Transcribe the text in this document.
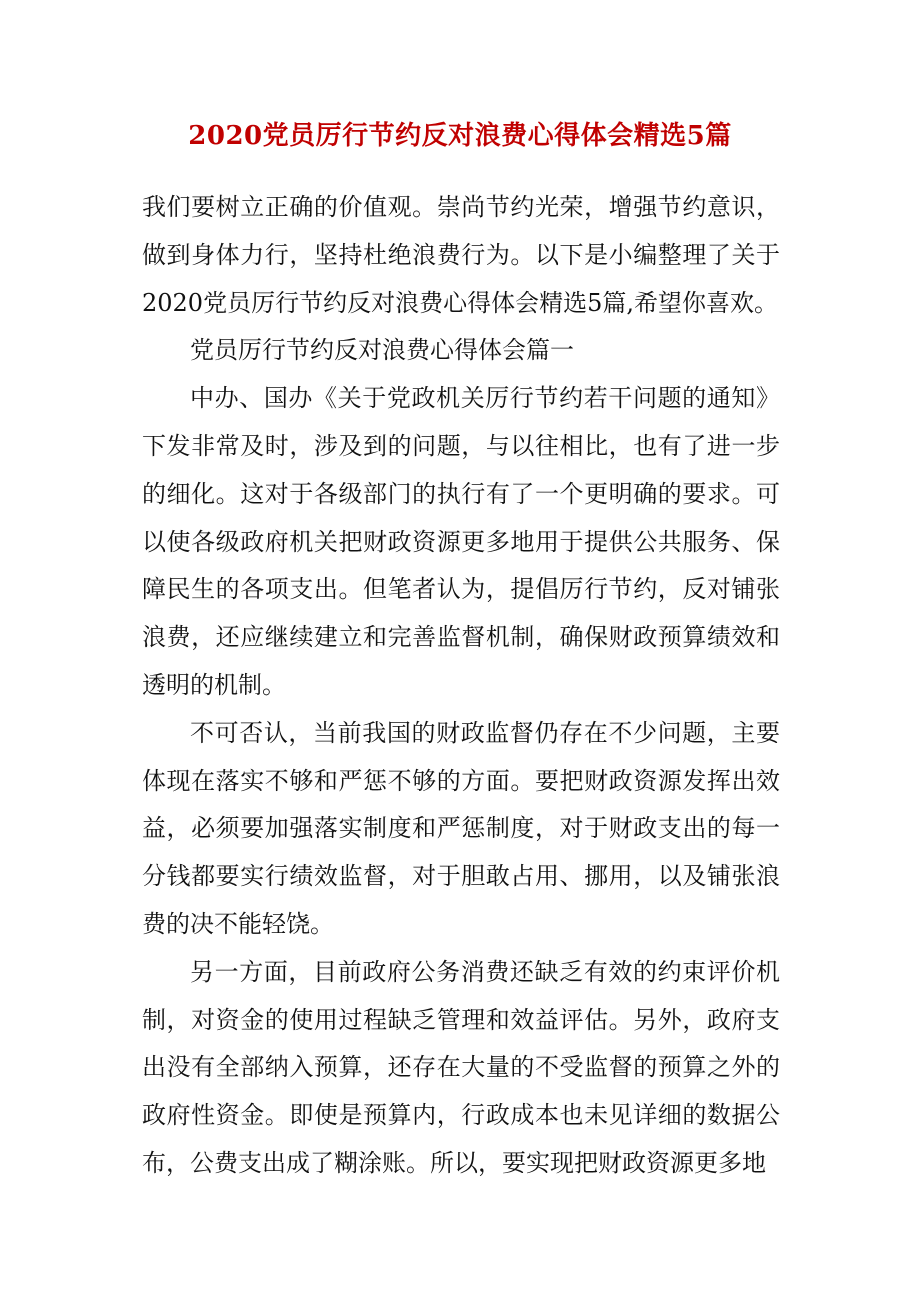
2020党员厉行节约反对浪费心得体会精选5篇

我们要树立正确的价值观。崇尚节约光荣，增强节约意识，做到身体力行，坚持杜绝浪费行为。以下是小编整理了关于2020党员厉行节约反对浪费心得体会精选5篇,希望你喜欢。

党员厉行节约反对浪费心得体会篇一

中办、国办《关于党政机关厉行节约若干问题的通知》下发非常及时，涉及到的问题，与以往相比，也有了进一步的细化。这对于各级部门的执行有了一个更明确的要求。可以使各级政府机关把财政资源更多地用于提供公共服务、保障民生的各项支出。但笔者认为，提倡厉行节约，反对铺张浪费，还应继续建立和完善监督机制，确保财政预算绩效和透明的机制。

不可否认，当前我国的财政监督仍存在不少问题，主要体现在落实不够和严惩不够的方面。要把财政资源发挥出效益，必须要加强落实制度和严惩制度，对于财政支出的每一分钱都要实行绩效监督，对于胆敢占用、挪用，以及铺张浪费的决不能轻饶。

另一方面，目前政府公务消费还缺乏有效的约束评价机制，对资金的使用过程缺乏管理和效益评估。另外，政府支出没有全部纳入预算，还存在大量的不受监督的预算之外的政府性资金。即使是预算内，行政成本也未见详细的数据公布，公费支出成了糊涂账。所以，要实现把财政资源更多地
